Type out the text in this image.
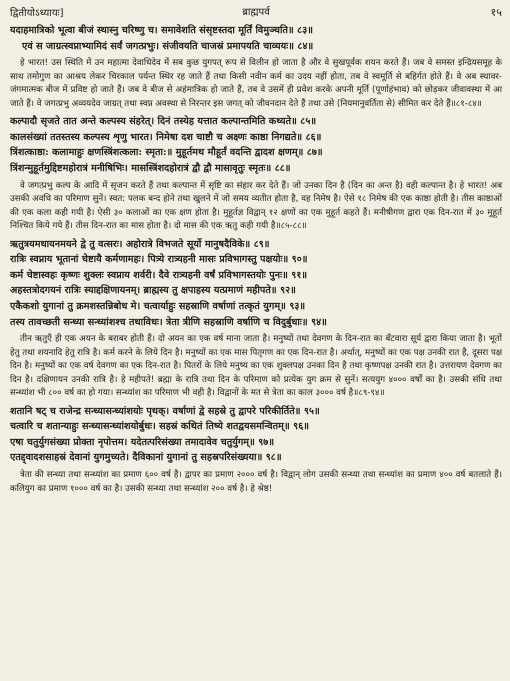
द्वितीयोऽध्यायः]	ब्राह्मपर्व	१५
यदाहमात्रिको भूत्वा बीजं स्थास्नु चरिष्णु च। समावेशति संसृष्टस्तदा मूर्तिं विमुञ्चति॥ ८३॥
एवं स जाग्रत्स्वप्नाभ्यामिदं सर्वं जगत्प्रभुः। संजीवयति चाजस्रं प्रमापयति चाव्ययः॥ ८४॥

हे भारत! उस स्थिति में उन महात्मा देवाधिदेव में सब कुछ युगपत् रूप से विलीन हो जाता है और वे सुखपूर्वक शयन करते हैं। जब वे समस्त इन्द्रियसमूह के साथ तमोगुण का आश्रय लेकर चिरकाल पर्यन्त स्थिर रह जाते हैं तथा किसी नवीन कर्म का उदय नहीं होता, तब वे स्वमूर्ति से बहिर्गत होते हैं। वे अब स्थावर- जंगमात्मक बीज में प्रविष्ट हो जाते हैं। जब वे बीज से अहंमात्रिक हो जाते हैं, तब वे उसमें ही प्रवेश करके अपनी मूर्ति (पूर्णाहंभाव) को छोड़कर जीवावस्था में आ जाते हैं। वे जगत्प्रभु अव्ययदेव जाग्रत् तथा स्वप्न अवस्था से निरन्तर इस जगत् को जीवनदान देते हैं तथा उसे (नियमानुवर्तिता से) सीमित कर देते हैं॥८१-८४॥

कल्पादौ सृजते तात अन्ते कल्पस्य संहरेत्। दिनं तस्येह यत्तात कल्पान्तमिति कथ्यते॥ ८५॥
कालसंख्यां ततस्तस्य कल्पस्य शृणु भारत। निमेषा दश चाष्टौ च अक्ष्णः काष्ठा निगद्यते॥ ८६॥
त्रिंशत्काष्ठा: कलामाहुः क्षणस्त्रिंशत्कला: स्मृता:॥ मुहूर्तमथ मौहूर्तं वदन्ति द्वादश क्षणम्॥ ८७॥
त्रिंशन्मुहूर्तमुद्दिष्टमहोरात्रं मनीषिभिः। मासस्त्रिंशदहोरात्रं द्वौ द्वौ मासावृतुः स्मृतः॥ ८८॥

वे जगत्प्रभु कल्प के आदि में सृजन करते हैं तथा कल्पान्त में सृष्टि का संहार कर देते हैं। जो उनका दिन है (दिन का अन्त है) वही कल्पान्त है। हे भारत! अब उसकी अवधि का परिमाण सुनें। स्वत: पलक बन्द होने तथा खुलने में जो समय व्यतीत होता है, वह निमेष है। ऐसे १८ निमेष की एक काष्ठा होती है। तीस काष्ठाओं की एक कला कही गयी है। ऐसी ३० कलाओं का एक क्षण होता है। मुहूर्तज्ञ विद्वान् १२ क्षणों का एक मुहूर्त कहते हैं। मनीषीगण द्वारा एक दिन-रात में ३० मुहूर्त निश्चित किये गये हैं। तीस दिन-रात का मास होता है। दो मास की एक ऋतु कही गयी है॥८५-८८॥

ऋतुत्रयमथायनमयने द्वे तु वत्सरः। अहोरात्रे विभजते सूर्यो मानुषदैविके॥ ८९॥
रात्रिः स्वप्नाय भूतानां चेष्टायै कर्मणामहः। पित्र्ये रात्र्यहनी मासः प्रविभागस्तु पक्षयोः॥ ९०॥
कर्म चेष्टास्वहः कृष्णः शुक्लः स्वप्नाय शर्वरी। दैवे रात्र्यहनी वर्षं प्रविभागस्तयोः पुनः॥ ९१॥
अहस्तत्रोदगयनं रात्रिः स्याद्दक्षिणायनम्। ब्राह्मस्य तु क्षपाहस्य यत्प्रमाणं महीपते॥ ९२॥
एकैकशो युगानां तु क्रमशस्तन्निबोध मे। चत्वार्याहुः सहस्राणि वर्षाणां तत्कृतं युगम्॥ ९३॥
तस्य तावच्छती सन्ध्या सन्ध्यांशश्च तथाविधः। त्रेता त्रीणि सहस्राणि वर्षाणि च विदुर्बुधाः॥ ९४॥

तीन ऋतुएँ ही एक अयन के बराबर होती हैं। दो अयन का एक वर्ष माना जाता है। मनुष्यों तथा देवगण के दिन-रात का बँटवारा सूर्य द्वारा किया जाता है। भूतों हेतु तथा शयनादि हेतु रात्रि है। कर्म करने के लिये दिन है। मनुष्यों का एक मास पितृगण का एक दिन-रात है। अर्थात्, मनुष्यों का एक पक्ष उनकी रात है, दूसरा पक्ष दिन है। मनुष्यों का एक वर्ष देवगण का एक दिन-रात है। पितरों के लिये मनुष्य का एक शुक्लपक्ष उनका दिन है तथा कृष्णपक्ष उनकी रात है। उत्तरायण देवगण का दिन है। दक्षिणायन उनकी रात्रि है। हे महीपते! ब्रह्मा के रात्रि तथा दिन के परिमाण को प्रत्येक युग क्रम से सुनें। सत्ययुग ४००० वर्षों का है। उसकी संधि तथा सन्ध्यांश भी ८०० वर्ष का हो गया। सन्ध्यांश का परिमाण भी वही है। विद्वानों के मत से त्रेता का काल ३००० वर्ष है॥८९-९४॥

शतानि षट् च राजेन्द्र सन्ध्यासन्ध्यांशयोः पृथक्। वर्षाणां द्वे सहस्रे तु द्वापरे परिकीर्तिते॥ ९५॥
चत्वारि च शतान्याहुः सन्ध्यासन्ध्यांशयोर्बुधः। सहस्रं कथितं तिष्ये शतद्वयसमन्वितम्॥ ९६॥
एषा चतुर्युगसंख्या प्रोक्ता नृपोत्तम। यदेतत्परिसंख्या तमादावेव चतुर्युगम्॥ ९७॥
एतद्द्वादशसाहस्रं देवानां युगमुच्यते। दैविकानां युगानां तु सहस्रपरिसंख्यया॥ ९८॥

त्रेता की सन्ध्या तथा सन्ध्यांश का प्रमाण ६०० वर्ष है। द्वापर का प्रमाण २००० वर्ष है। विद्वान् लोग उसकी सन्ध्या तथा सन्ध्यांश का प्रमाण ४०० वर्ष बतलाते हैं। कलियुग का प्रमाण १००० वर्ष का है। उसकी सन्ध्या तथा सन्ध्यांश २०० वर्ष है। हे श्रेष्ठ!
